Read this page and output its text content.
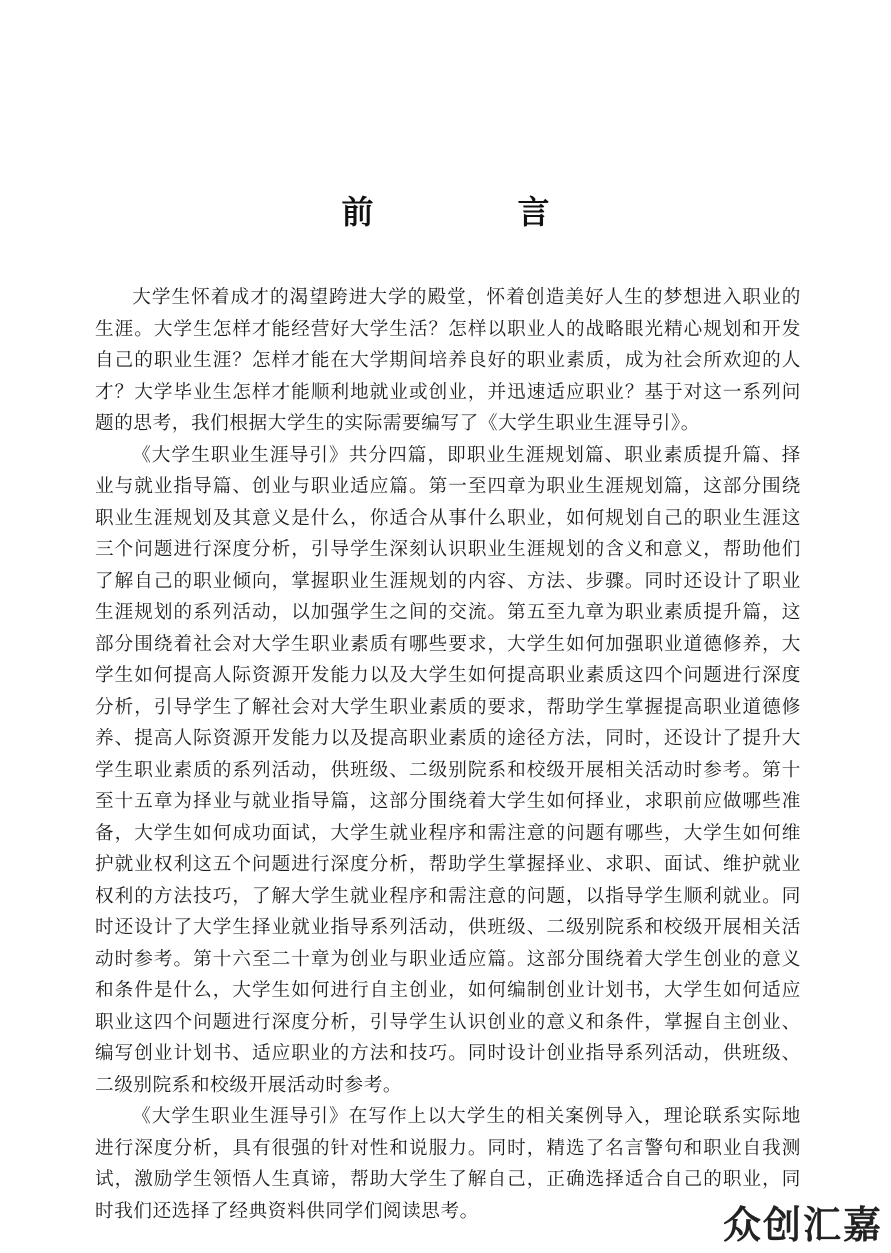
前　言

大学生怀着成才的渴望跨进大学的殿堂，怀着创造美好人生的梦想进入职业的生涯。大学生怎样才能经营好大学生活？怎样以职业人的战略眼光精心规划和开发自己的职业生涯？怎样才能在大学期间培养良好的职业素质，成为社会所欢迎的人才？大学毕业生怎样才能顺利地就业或创业，并迅速适应职业？基于对这一系列问题的思考，我们根据大学生的实际需要编写了《大学生职业生涯导引》。

《大学生职业生涯导引》共分四篇，即职业生涯规划篇、职业素质提升篇、择业与就业指导篇、创业与职业适应篇。第一至四章为职业生涯规划篇，这部分围绕职业生涯规划及其意义是什么，你适合从事什么职业，如何规划自己的职业生涯这三个问题进行深度分析，引导学生深刻认识职业生涯规划的含义和意义，帮助他们了解自己的职业倾向，掌握职业生涯规划的内容、方法、步骤。同时还设计了职业生涯规划的系列活动，以加强学生之间的交流。第五至九章为职业素质提升篇，这部分围绕着社会对大学生职业素质有哪些要求，大学生如何加强职业道德修养，大学生如何提高人际资源开发能力以及大学生如何提高职业素质这四个问题进行深度分析，引导学生了解社会对大学生职业素质的要求，帮助学生掌握提高职业道德修养、提高人际资源开发能力以及提高职业素质的途径方法，同时，还设计了提升大学生职业素质的系列活动，供班级、二级别院系和校级开展相关活动时参考。第十至十五章为择业与就业指导篇，这部分围绕着大学生如何择业，求职前应做哪些准备，大学生如何成功面试，大学生就业程序和需注意的问题有哪些，大学生如何维护就业权利这五个问题进行深度分析，帮助学生掌握择业、求职、面试、维护就业权利的方法技巧，了解大学生就业程序和需注意的问题，以指导学生顺利就业。同时还设计了大学生择业就业指导系列活动，供班级、二级别院系和校级开展相关活动时参考。第十六至二十章为创业与职业适应篇。这部分围绕着大学生创业的意义和条件是什么，大学生如何进行自主创业，如何编制创业计划书，大学生如何适应职业这四个问题进行深度分析，引导学生认识创业的意义和条件，掌握自主创业、编写创业计划书、适应职业的方法和技巧。同时设计创业指导系列活动，供班级、二级别院系和校级开展活动时参考。

《大学生职业生涯导引》在写作上以大学生的相关案例导入，理论联系实际地进行深度分析，具有很强的针对性和说服力。同时，精选了名言警句和职业自我测试，激励学生领悟人生真谛，帮助大学生了解自己，正确选择适合自己的职业，同时我们还选择了经典资料供同学们阅读思考。	众创汇嘉
